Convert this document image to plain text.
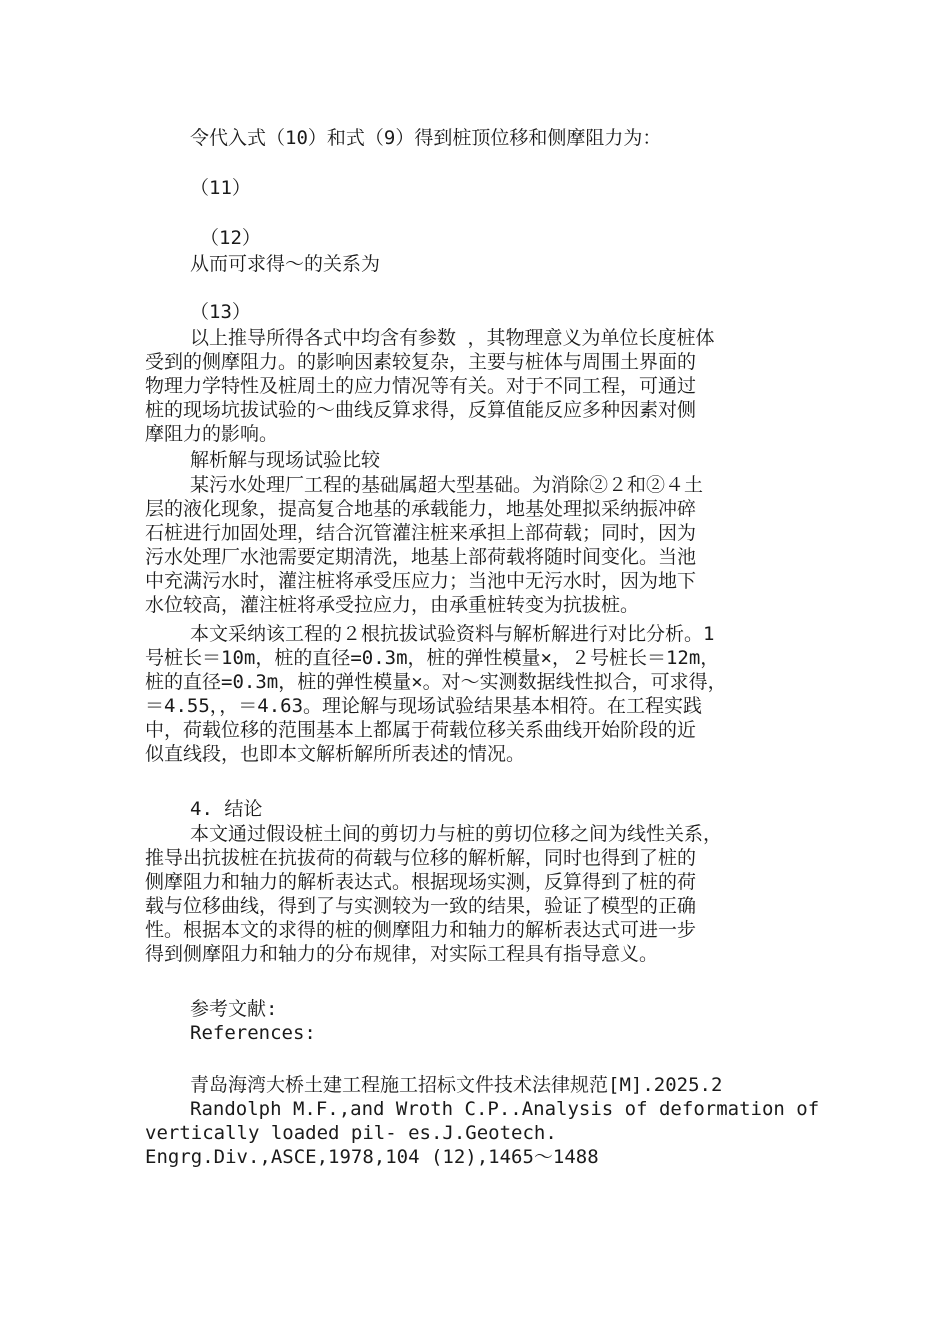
令代入式（10）和式（9）得到桩顶位移和侧摩阻力为：
（11）
（12）
从而可求得～的关系为
（13）
以上推导所得各式中均含有参数 ，其物理意义为单位长度桩体
受到的侧摩阻力。的影响因素较复杂，主要与桩体与周围土界面的
物理力学特性及桩周土的应力情况等有关。对于不同工程，可通过
桩的现场坑拔试验的～曲线反算求得，反算值能反应多种因素对侧
摩阻力的影响。
解析解与现场试验比较
某污水处理厂工程的基础属超大型基础。为消除②２和②４土
层的液化现象，提高复合地基的承载能力，地基处理拟采纳振冲碎
石桩进行加固处理，结合沉管灌注桩来承担上部荷载；同时，因为
污水处理厂水池需要定期清洗，地基上部荷载将随时间变化。当池
中充满污水时，灌注桩将承受压应力；当池中无污水时，因为地下
水位较高，灌注桩将承受拉应力，由承重桩转变为抗拔桩。
本文采纳该工程的２根抗拔试验资料与解析解进行对比分析。1
号桩长＝10m，桩的直径=0.3m，桩的弹性模量×，２号桩长＝12m，
桩的直径=0.3m，桩的弹性模量×。对～实测数据线性拟合，可求得，
＝4.55，，＝4.63。理论解与现场试验结果基本相符。在工程实践
中，荷载位移的范围基本上都属于荷载位移关系曲线开始阶段的近
似直线段，也即本文解析解所所表述的情况。
4. 结论
本文通过假设桩土间的剪切力与桩的剪切位移之间为线性关系，
推导出抗拔桩在抗拔荷的荷载与位移的解析解，同时也得到了桩的
侧摩阻力和轴力的解析表达式。根据现场实测，反算得到了桩的荷
载与位移曲线，得到了与实测较为一致的结果，验证了模型的正确
性。根据本文的求得的桩的侧摩阻力和轴力的解析表达式可进一步
得到侧摩阻力和轴力的分布规律，对实际工程具有指导意义。
参考文献:
References:
青岛海湾大桥土建工程施工招标文件技术法律规范[M].2025.2
Randolph M.F.,and Wroth C.P..Analysis of deformation of
vertically loaded pil- es.J.Geotech.
Engrg.Div.,ASCE,1978,104 (12),1465～1488
